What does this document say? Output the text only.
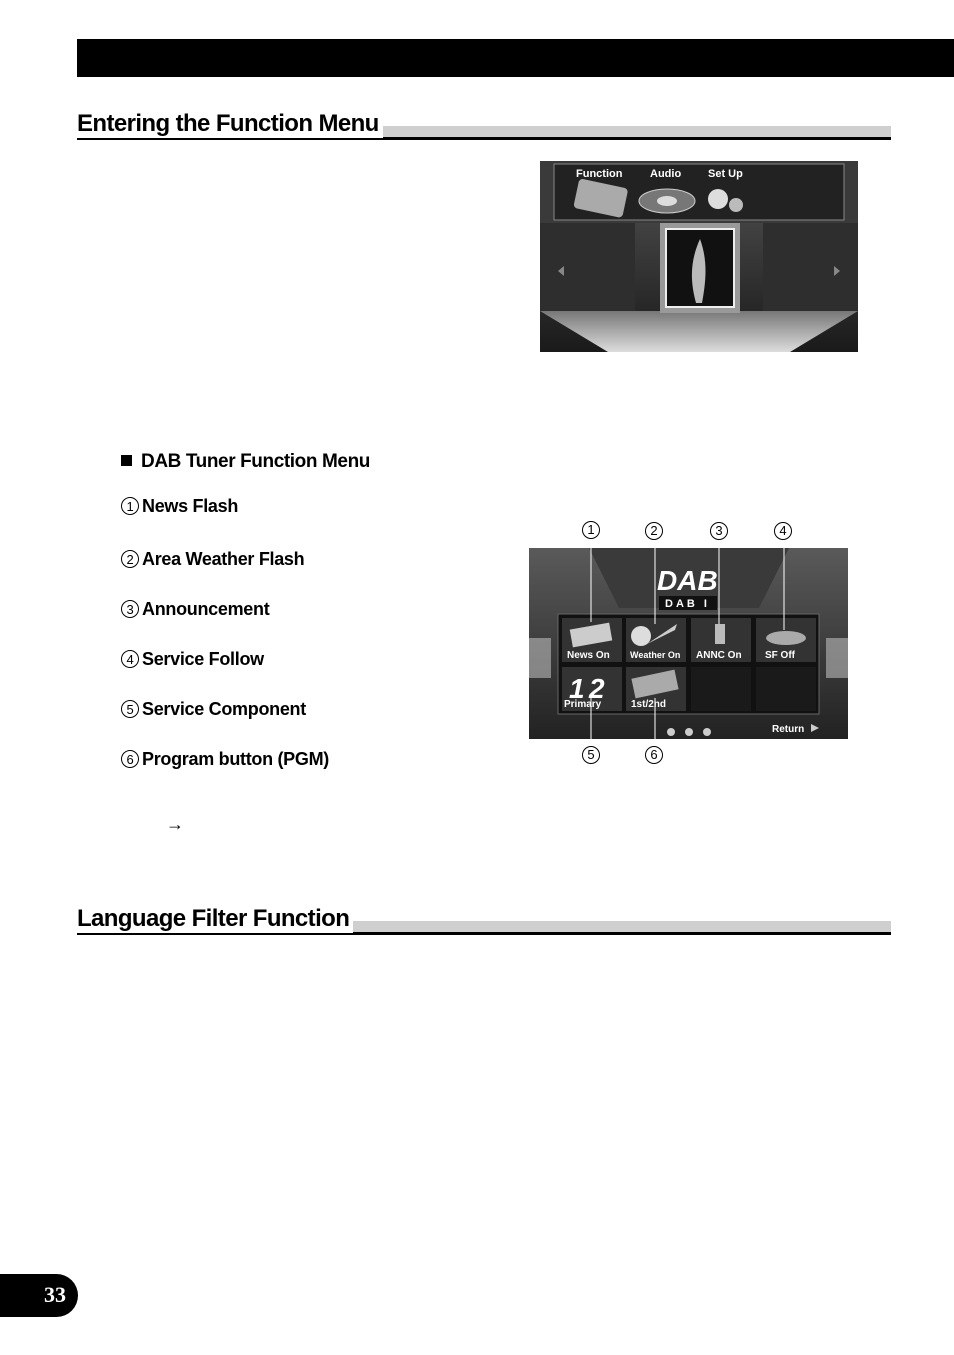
Entering the Function Menu
Function	Audio Set Up
DAB Tuner Function Menu
1 News Flash
2 Area Weather Flash
3 Announcement
4 Service Follow
5 Service Component
6 Program button (PGM)
1	2	3	4
DAB
DAB I
1 2
News On Weather On ANNC On SF Off
Primary	1st/2nd
Return
5	6
→
Language Filter Function
33
